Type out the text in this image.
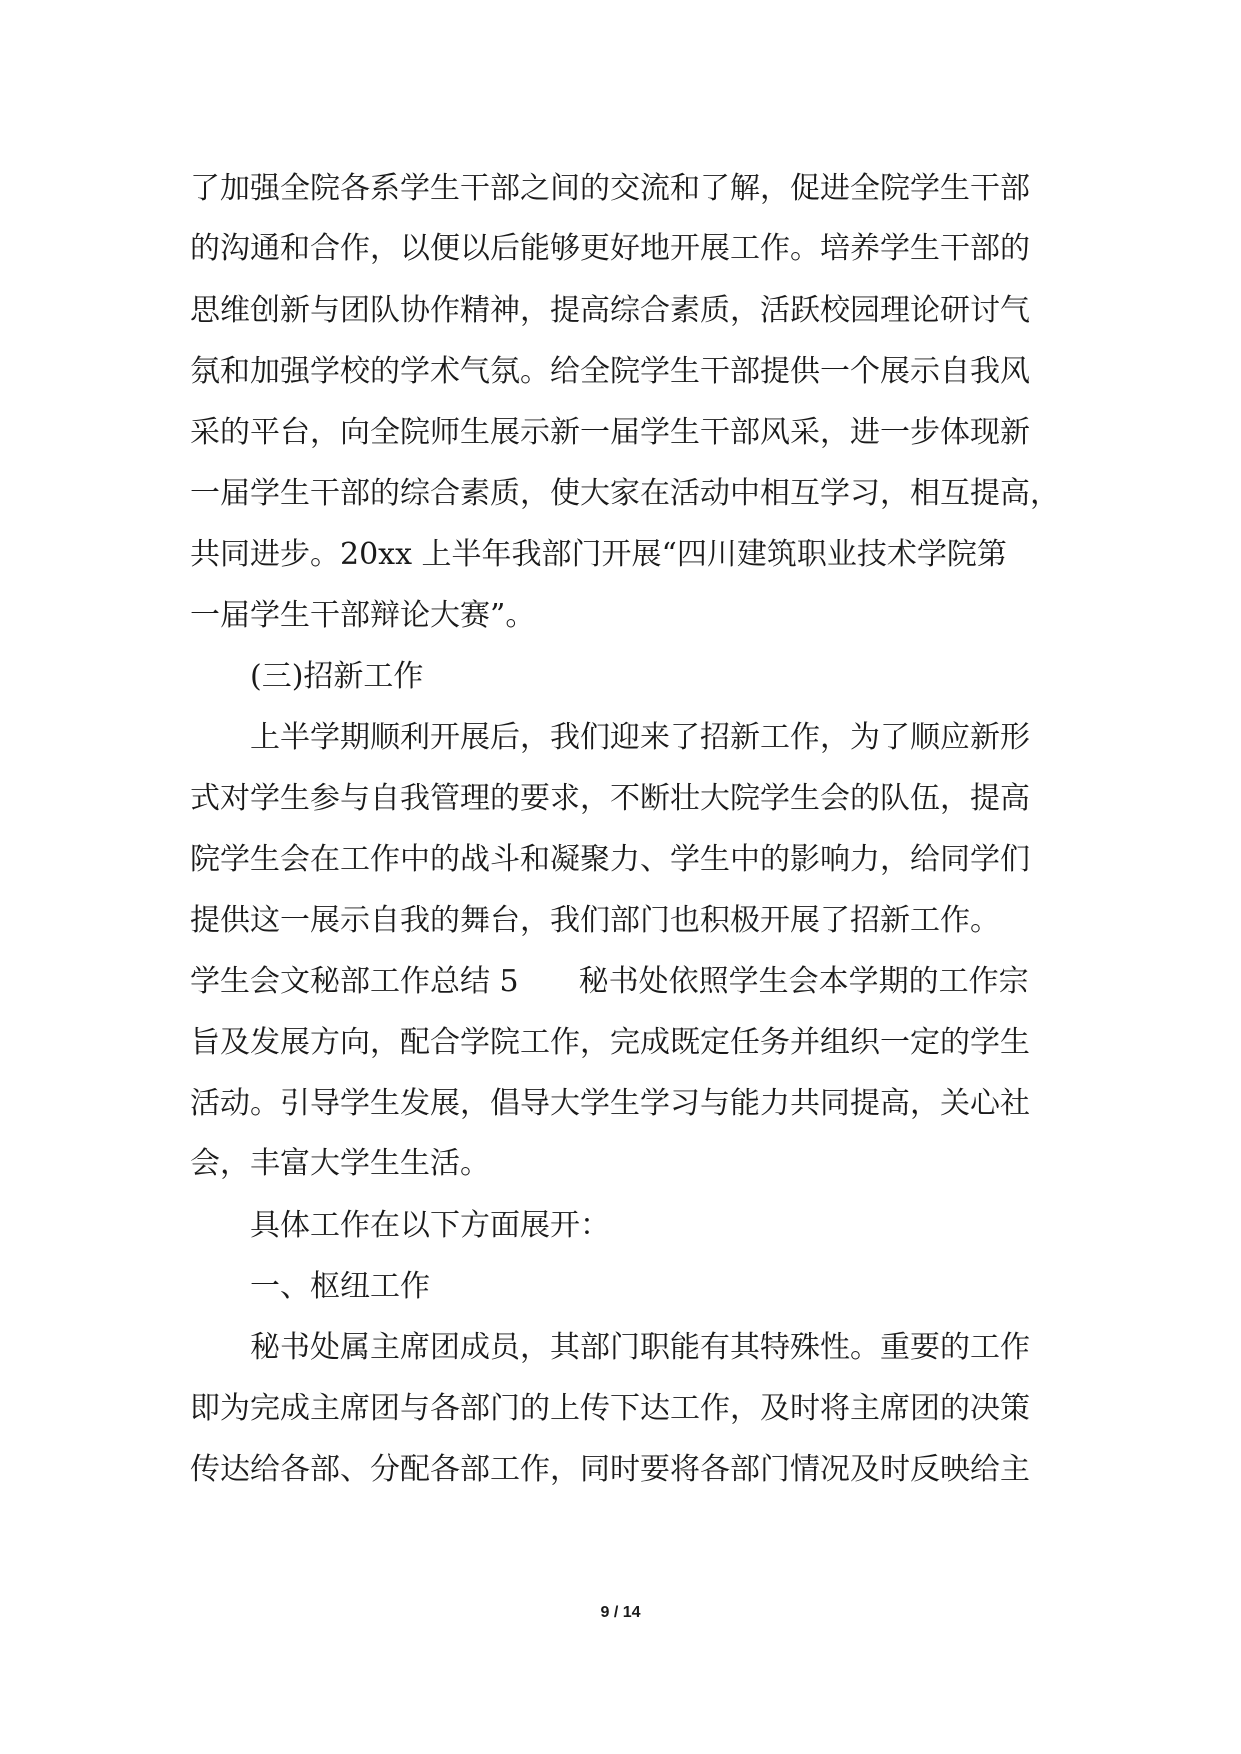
了加强全院各系学生干部之间的交流和了解，促进全院学生干部
的沟通和合作，以便以后能够更好地开展工作。培养学生干部的
思维创新与团队协作精神，提高综合素质，活跃校园理论研讨气
氛和加强学校的学术气氛。给全院学生干部提供一个展示自我风
采的平台，向全院师生展示新一届学生干部风采，进一步体现新
一届学生干部的综合素质，使大家在活动中相互学习，相互提高，
共同进步。20xx 上半年我部门开展“四川建筑职业技术学院第
一届学生干部辩论大赛”。
(三)招新工作
上半学期顺利开展后，我们迎来了招新工作，为了顺应新形
式对学生参与自我管理的要求，不断壮大院学生会的队伍，提高
院学生会在工作中的战斗和凝聚力、学生中的影响力，给同学们
提供这一展示自我的舞台，我们部门也积极开展了招新工作。
学生会文秘部工作总结 5　　秘书处依照学生会本学期的工作宗
旨及发展方向，配合学院工作，完成既定任务并组织一定的学生
活动。引导学生发展，倡导大学生学习与能力共同提高，关心社
会，丰富大学生生活。
具体工作在以下方面展开：
一、枢纽工作
秘书处属主席团成员，其部门职能有其特殊性。重要的工作
即为完成主席团与各部门的上传下达工作，及时将主席团的决策
传达给各部、分配各部工作，同时要将各部门情况及时反映给主
9 / 14
